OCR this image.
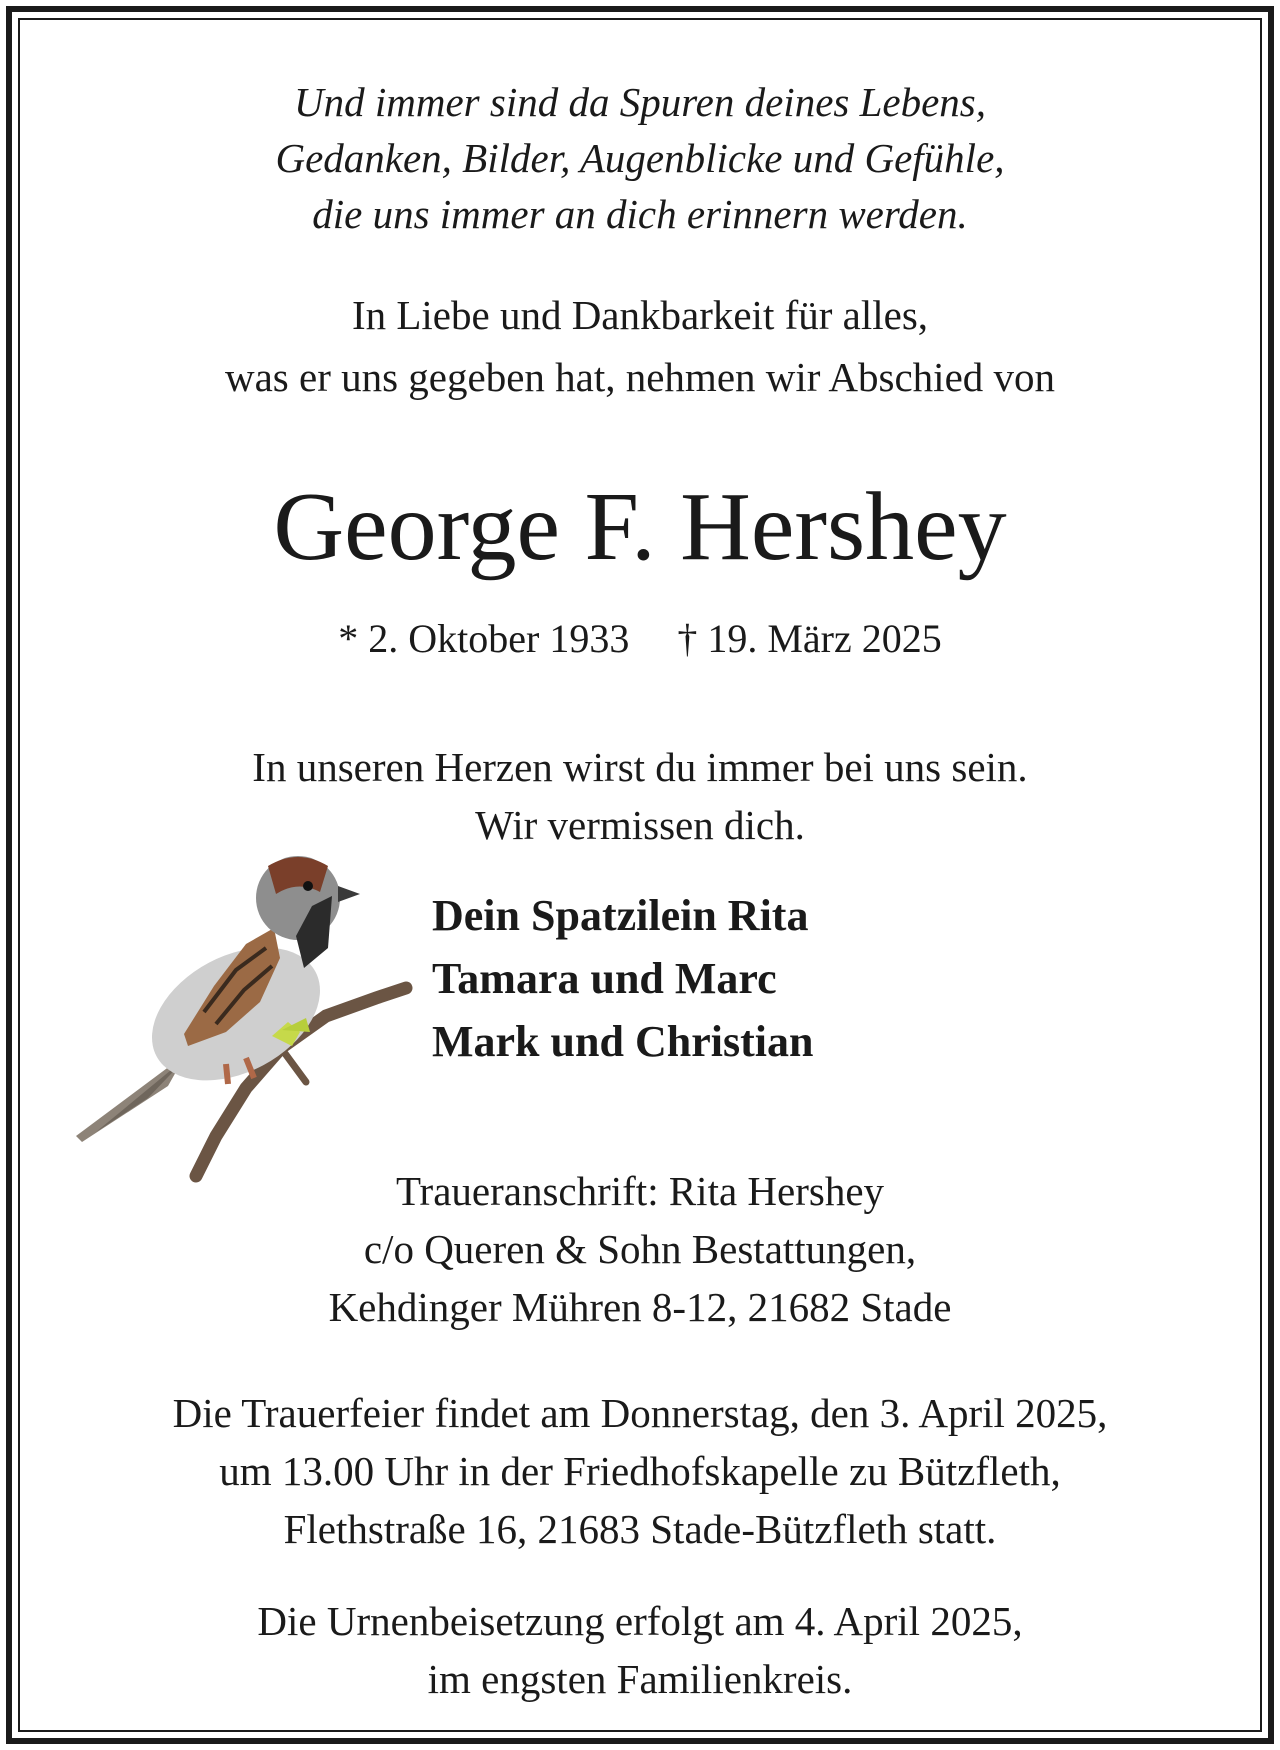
Und immer sind da Spuren deines Lebens,
Gedanken, Bilder, Augenblicke und Gefühle,
die uns immer an dich erinnern werden.
In Liebe und Dankbarkeit für alles,
was er uns gegeben hat, nehmen wir Abschied von
George F. Hershey
* 2. Oktober 1933 † 19. März 2025
In unseren Herzen wirst du immer bei uns sein.
Wir vermissen dich.
Dein Spatzilein Rita
Tamara und Marc
Mark und Christian
Traueranschrift: Rita Hershey
c/o Queren & Sohn Bestattungen,
Kehdinger Mühren 8-12, 21682 Stade
Die Trauerfeier findet am Donnerstag, den 3. April 2025,
um 13.00 Uhr in der Friedhofskapelle zu Bützfleth,
Flethstraße 16, 21683 Stade-Bützfleth statt.
Die Urnenbeisetzung erfolgt am 4. April 2025,
im engsten Familienkreis.
